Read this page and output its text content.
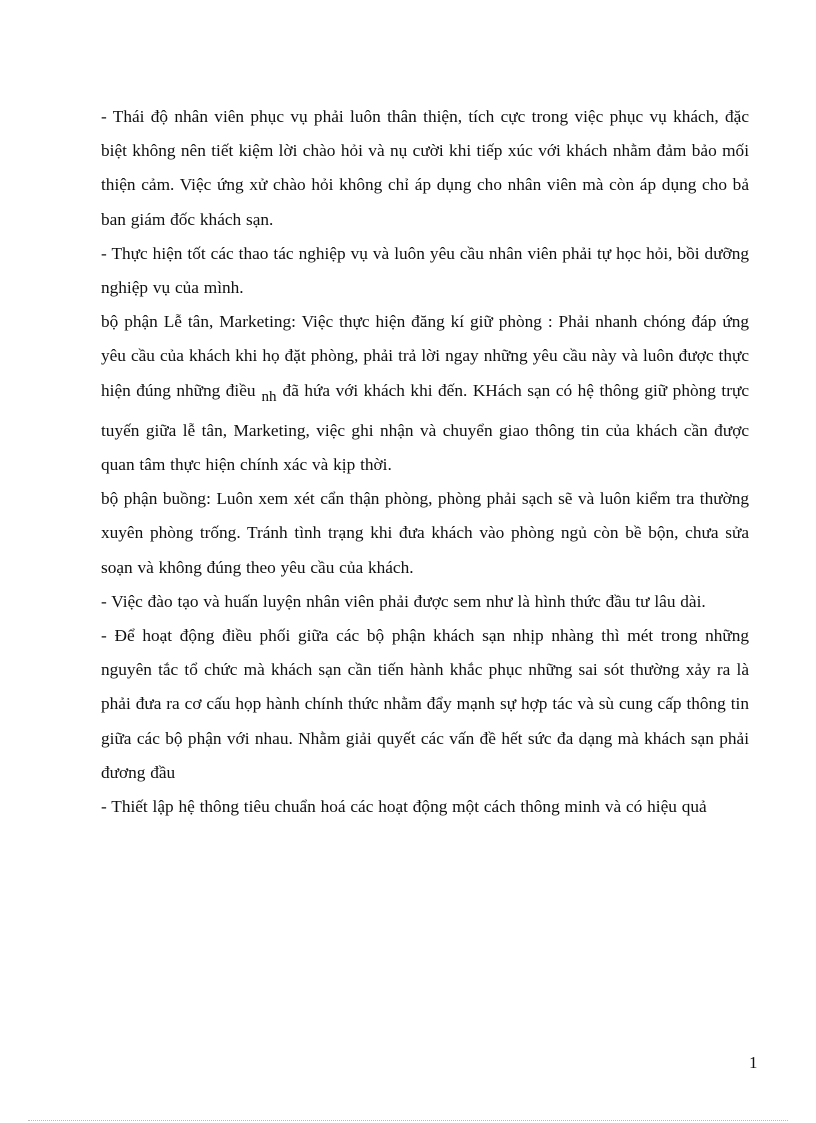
- Thái độ nhân viên phục vụ phải luôn thân thiện, tích cực trong việc phục vụ khách, đặc biệt không nên tiết kiệm lời chào hỏi và nụ cười khi tiếp xúc với khách nhằm đảm bảo mối thiện cảm. Việc ứng xử chào hỏi không chỉ áp dụng cho nhân viên mà còn áp dụng cho bả ban giám đốc khách sạn.

- Thực hiện tốt các thao tác nghiệp vụ và luôn yêu cầu nhân viên phải tự học hỏi, bồi dưỡng nghiệp vụ của mình.

bộ phận Lễ tân, Marketing: Việc thực hiện đăng kí giữ phòng : Phải nhanh chóng đáp ứng yêu cầu của khách khi họ đặt phòng, phải trả lời ngay những yêu cầu này và luôn được thực hiện đúng những điều nh đã hứa với khách khi đến. KHách sạn có hệ thông giữ phòng trực tuyến giữa lễ tân, Marketing, việc ghi nhận và chuyển giao thông tin của khách cần được quan tâm thực hiện chính xác và kịp thời.

bộ phận buồng: Luôn xem xét cẩn thận phòng, phòng phải sạch sẽ và luôn kiểm tra thường xuyên phòng trống. Tránh tình trạng khi đưa khách vào phòng ngủ còn bề bộn, chưa sửa soạn và không đúng theo yêu cầu của khách.

- Việc đào tạo và huấn luyện nhân viên phải được sem như là hình thức đầu tư lâu dài.

- Để hoạt động điều phối giữa các bộ phận khách sạn nhịp nhàng thì mét trong những nguyên tắc tổ chức mà khách sạn cần tiến hành khắc phục những sai sót thường xảy ra là phải đưa ra cơ cấu họp hành chính thức nhằm đẩy mạnh sự hợp tác và sù cung cấp thông tin giữa các bộ phận với nhau. Nhằm giải quyết các vấn đề hết sức đa dạng mà khách sạn phải đương đầu

- Thiết lập hệ thông tiêu chuẩn hoá các hoạt động một cách thông minh và có hiệu quả

1
